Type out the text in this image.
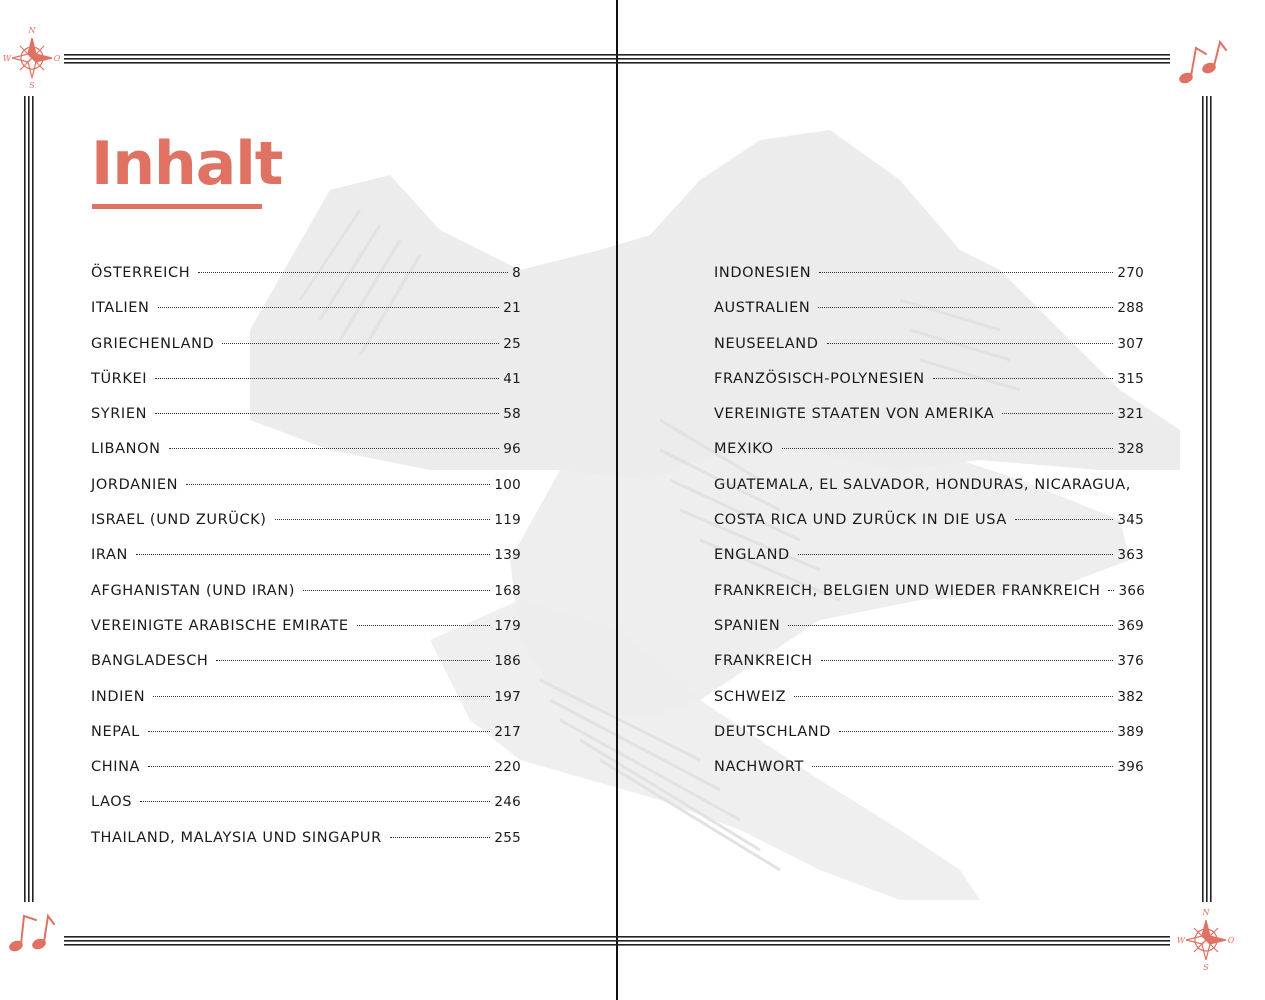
N
S
W	O
N
S
W	O
Inhalt
ÖSTERREICH	8
ITALIEN	21
GRIECHENLAND	25
TÜRKEI	41
SYRIEN	58
LIBANON	96
JORDANIEN	100
ISRAEL (UND ZURÜCK)	119
IRAN	139
AFGHANISTAN (UND IRAN)	168
VEREINIGTE ARABISCHE EMIRATE	179
BANGLADESCH	186
INDIEN	197
NEPAL	217
CHINA	220
LAOS	246
THAILAND, MALAYSIA UND SINGAPUR	255
INDONESIEN	270
AUSTRALIEN	288
NEUSEELAND	307
FRANZÖSISCH-POLYNESIEN	315
VEREINIGTE STAATEN VON AMERIKA	321
MEXIKO	328
GUATEMALA, EL SALVADOR, HONDURAS, NICARAGUA,
COSTA RICA UND ZURÜCK IN DIE USA	345
ENGLAND	363
FRANKREICH, BELGIEN UND WIEDER FRANKREICH 366
SPANIEN	369
FRANKREICH	376
SCHWEIZ	382
DEUTSCHLAND	389
NACHWORT	396
